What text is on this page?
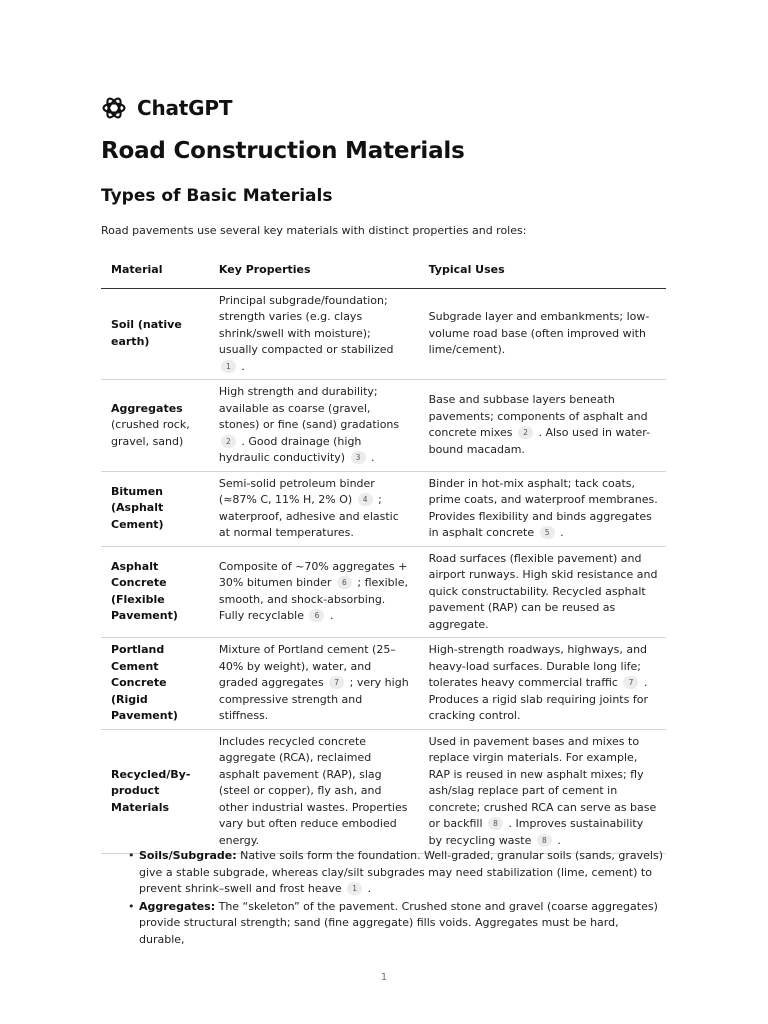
ChatGPT
Road Construction Materials
Types of Basic Materials

Road pavements use several key materials with distinct properties and roles:

Material	Key Properties	Typical Uses
Soil (native earth)	Principal subgrade/foundation; strength varies (e.g. clays shrink/swell with moisture); usually compacted or stabilized 1 .	Subgrade layer and embankments; low-volume road base (often improved with lime/cement).
Aggregates (crushed rock, gravel, sand)	High strength and durability; available as coarse (gravel, stones) or fine (sand) gradations 2 . Good drainage (high hydraulic conductivity) 3 .	Base and subbase layers beneath pavements; components of asphalt and concrete mixes 2 . Also used in water-bound macadam.
Bitumen (Asphalt Cement)	Semi-solid petroleum binder (≈87% C, 11% H, 2% O) 4 ; waterproof, adhesive and elastic at normal temperatures.	Binder in hot-mix asphalt; tack coats, prime coats, and waterproof membranes. Provides flexibility and binds aggregates in asphalt concrete 5 .
Asphalt Concrete (Flexible Pavement)	Composite of ~70% aggregates + 30% bitumen binder 6 ; flexible, smooth, and shock-absorbing. Fully recyclable 6 .	Road surfaces (flexible pavement) and airport runways. High skid resistance and quick constructability. Recycled asphalt pavement (RAP) can be reused as aggregate.
Portland Cement Concrete (Rigid Pavement)	Mixture of Portland cement (25–40% by weight), water, and graded aggregates 7 ; very high compressive strength and stiffness.	High-strength roadways, highways, and heavy-load surfaces. Durable long life; tolerates heavy commercial traffic 7 . Produces a rigid slab requiring joints for cracking control.
Recycled/By-product Materials	Includes recycled concrete aggregate (RCA), reclaimed asphalt pavement (RAP), slag (steel or copper), fly ash, and other industrial wastes. Properties vary but often reduce embodied energy.	Used in pavement bases and mixes to replace virgin materials. For example, RAP is reused in new asphalt mixes; fly ash/slag replace part of cement in concrete; crushed RCA can serve as base or backfill 8 . Improves sustainability by recycling waste 8 .
• Soils/Subgrade: Native soils form the foundation. Well-graded, granular soils (sands, gravels) give a stable subgrade, whereas clay/silt subgrades may need stabilization (lime, cement) to prevent shrink–swell and frost heave 1 .
• Aggregates: The “skeleton” of the pavement. Crushed stone and gravel (coarse aggregates) provide structural strength; sand (fine aggregate) fills voids. Aggregates must be hard, durable,
1
